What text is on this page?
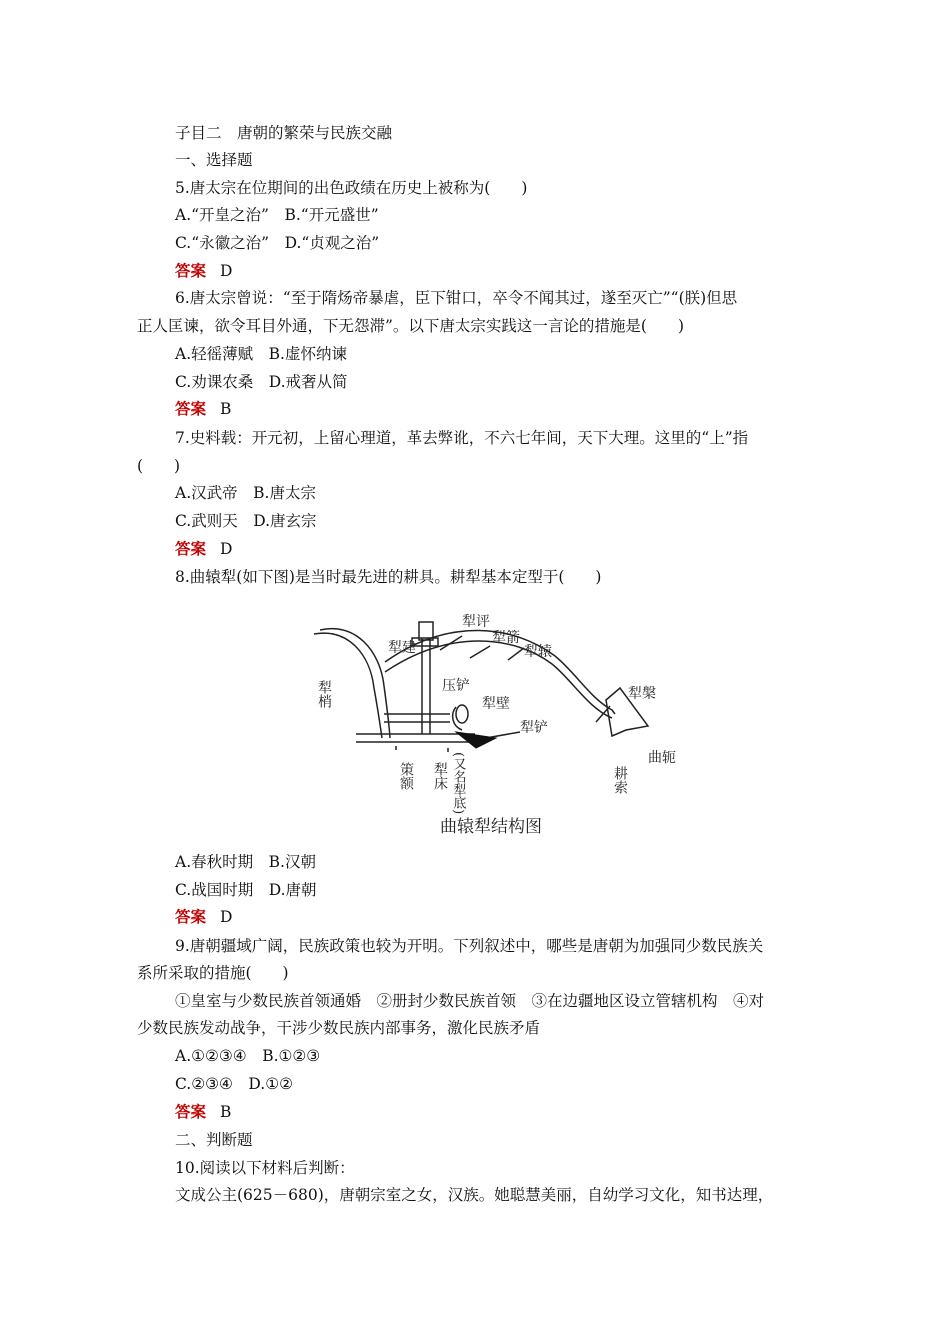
子目二　唐朝的繁荣与民族交融
一、选择题
5.唐太宗在位期间的出色政绩在历史上被称为(　　)
A.“开皇之治”　B.“开元盛世”
C.“永徽之治”　D.“贞观之治”
答案 D
6.唐太宗曾说：“至于隋炀帝暴虐，臣下钳口，卒令不闻其过，遂至灭亡”“(朕)但思
正人匡谏，欲令耳目外通，下无怨滞”。以下唐太宗实践这一言论的措施是(　　)
A.轻徭薄赋　B.虚怀纳谏
C.劝课农桑　D.戒奢从简
答案 B
7.史料载：开元初，上留心理道，革去弊讹，不六七年间，天下大理。这里的“上”指
(　　)
A.汉武帝　B.唐太宗
C.武则天　D.唐玄宗
答案 D
8.曲辕犁(如下图)是当时最先进的耕具。耕犁基本定型于(　　)
犁评
犁建
犁箭
犁辕
犁梢	压铲
犁壁
犁铲
犁槃
曲轭
策额 犁床 (又名犁底)	耕索
曲辕犁结构图
A.春秋时期　B.汉朝
C.战国时期　D.唐朝
答案 D
9.唐朝疆域广阔，民族政策也较为开明。下列叙述中，哪些是唐朝为加强同少数民族关
系所采取的措施(　　)
①皇室与少数民族首领通婚　②册封少数民族首领　③在边疆地区设立管辖机构　④对
少数民族发动战争，干涉少数民族内部事务，激化民族矛盾
A.①②③④　B.①②③
C.②③④　D.①②
答案 B
二、判断题
10.阅读以下材料后判断：
文成公主(625－680)，唐朝宗室之女，汉族。她聪慧美丽，自幼学习文化，知书达理，
